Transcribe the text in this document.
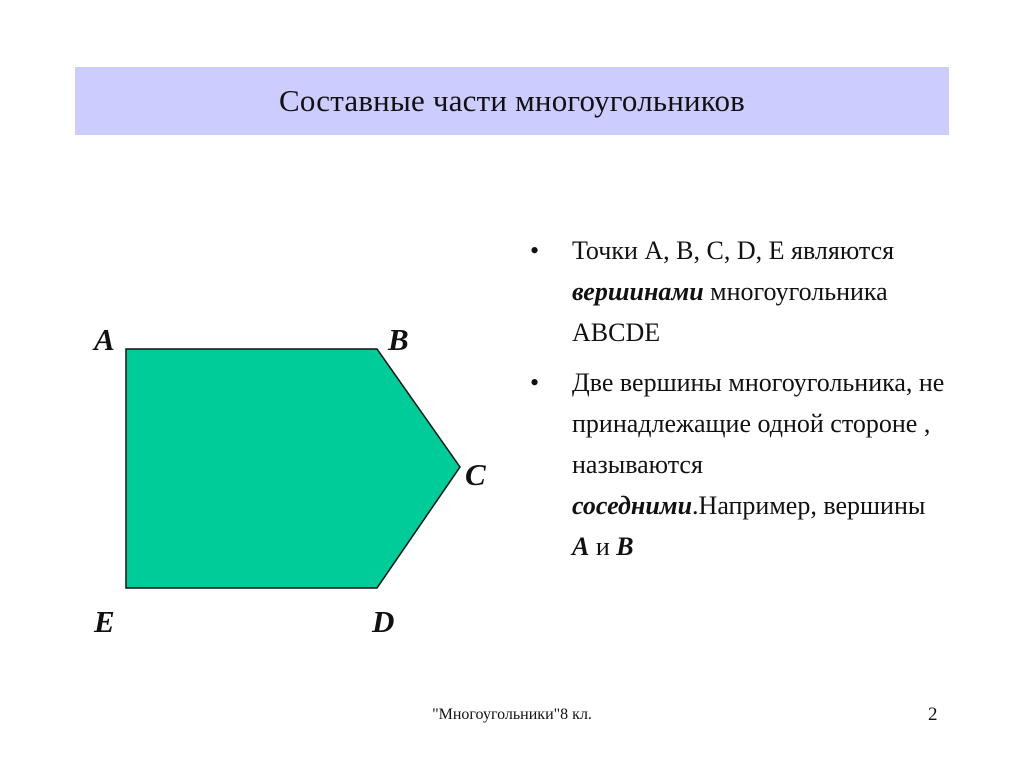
Составные части многоугольников
A	B
C
D
E
• Точки A, B, C, D, E являются вершинами многоугольника ABCDE
• Две вершины многоугольника, не принадлежащие одной стороне , называются соседними.Например, вершины A и B
"Многоугольники"8 кл.	2
